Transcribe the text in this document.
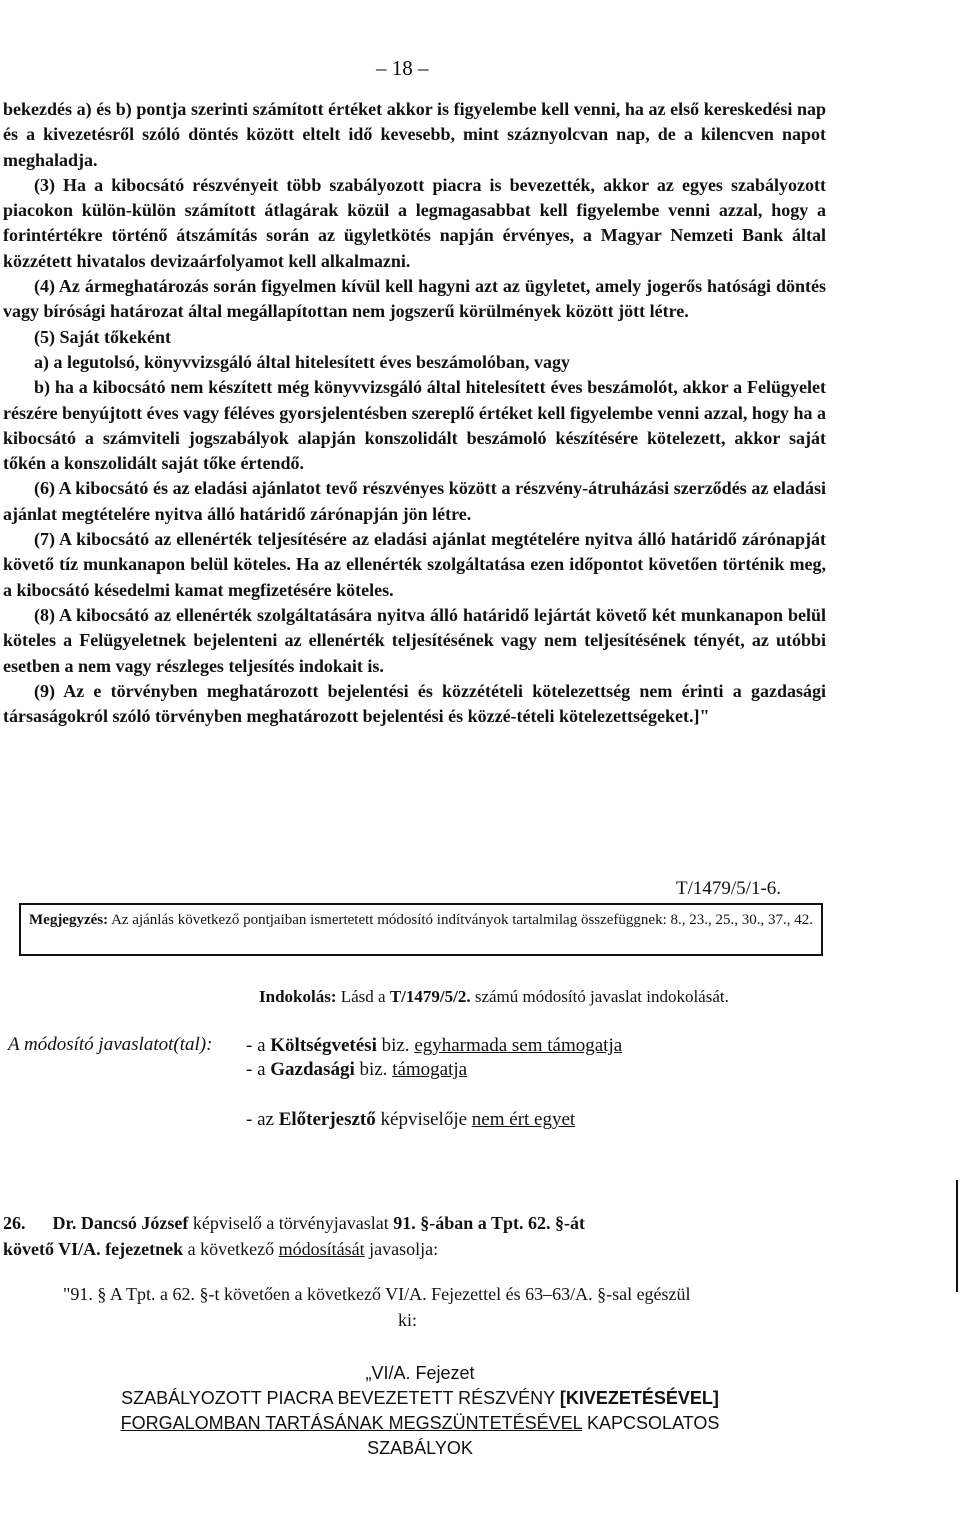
– 18 –

bekezdés a) és b) pontja szerinti számított értéket akkor is figyelembe kell venni, ha az első kereskedési nap és a kivezetésről szóló döntés között eltelt idő kevesebb, mint száznyolcvan nap, de a kilencven napot meghaladja.

(3) Ha a kibocsátó részvényeit több szabályozott piacra is bevezették, akkor az egyes szabályozott piacokon külön-külön számított átlagárak közül a legmagasabbat kell figyelembe venni azzal, hogy a forintértékre történő átszámítás során az ügyletkötés napján érvényes, a Magyar Nemzeti Bank által közzétett hivatalos devizaárfolyamot kell alkalmazni.

(4) Az ármeghatározás során figyelmen kívül kell hagyni azt az ügyletet, amely jogerős hatósági döntés vagy bírósági határozat által megállapítottan nem jogszerű körülmények között jött létre.

(5) Saját tőkeként

a) a legutolsó, könyvvizsgáló által hitelesített éves beszámolóban, vagy

b) ha a kibocsátó nem készített még könyvvizsgáló által hitelesített éves beszámolót, akkor a Felügyelet részére benyújtott éves vagy féléves gyorsjelentésben szereplő értéket kell figyelembe venni azzal, hogy ha a kibocsátó a számviteli jogszabályok alapján konszolidált beszámoló készítésére kötelezett, akkor saját tőkén a konszolidált saját tőke értendő.

(6) A kibocsátó és az eladási ajánlatot tevő részvényes között a részvény-átruházási szerződés az eladási ajánlat megtételére nyitva álló határidő zárónapján jön létre.

(7) A kibocsátó az ellenérték teljesítésére az eladási ajánlat megtételére nyitva álló határidő zárónapját követő tíz munkanapon belül köteles. Ha az ellenérték szolgáltatása ezen időpontot követően történik meg, a kibocsátó késedelmi kamat megfizetésére köteles.

(8) A kibocsátó az ellenérték szolgáltatására nyitva álló határidő lejártát követő két munkanapon belül köteles a Felügyeletnek bejelenteni az ellenérték teljesítésének vagy nem teljesítésének tényét, az utóbbi esetben a nem vagy részleges teljesítés indokait is.

(9) Az e törvényben meghatározott bejelentési és közzétételi kötelezettség nem érinti a gazdasági társaságokról szóló törvényben meghatározott bejelentési és közzé-tételi kötelezettségeket.]"

T/1479/5/1-6.
Megjegyzés: Az ajánlás következő pontjaiban ismertetett módosító indítványok tartalmilag összefüggnek: 8., 23., 25., 30., 37., 42.
Indokolás: Lásd a T/1479/5/2. számú módosító javaslat indokolását.
A módosító javaslatot(tal): - a Költségvetési biz. egyharmada sem támogatja
- a Gazdasági biz. támogatja
- az Előterjesztő képviselője nem ért egyet
26. Dr. Dancsó József képviselő a törvényjavaslat 91. §-ában a Tpt. 62. §-át
követő VI/A. fejezetnek a következő módosítását javasolja:
"91. § A Tpt. a 62. §-t követően a következő VI/A. Fejezettel és 63–63/A. §-sal egészül
ki:
„VI/A. Fejezet
SZABÁLYOZOTT PIACRA BEVEZETETT RÉSZVÉNY [KIVEZETÉSÉVEL]
FORGALOMBAN TARTÁSÁNAK MEGSZÜNTETÉSÉVEL KAPCSOLATOS
SZABÁLYOK
